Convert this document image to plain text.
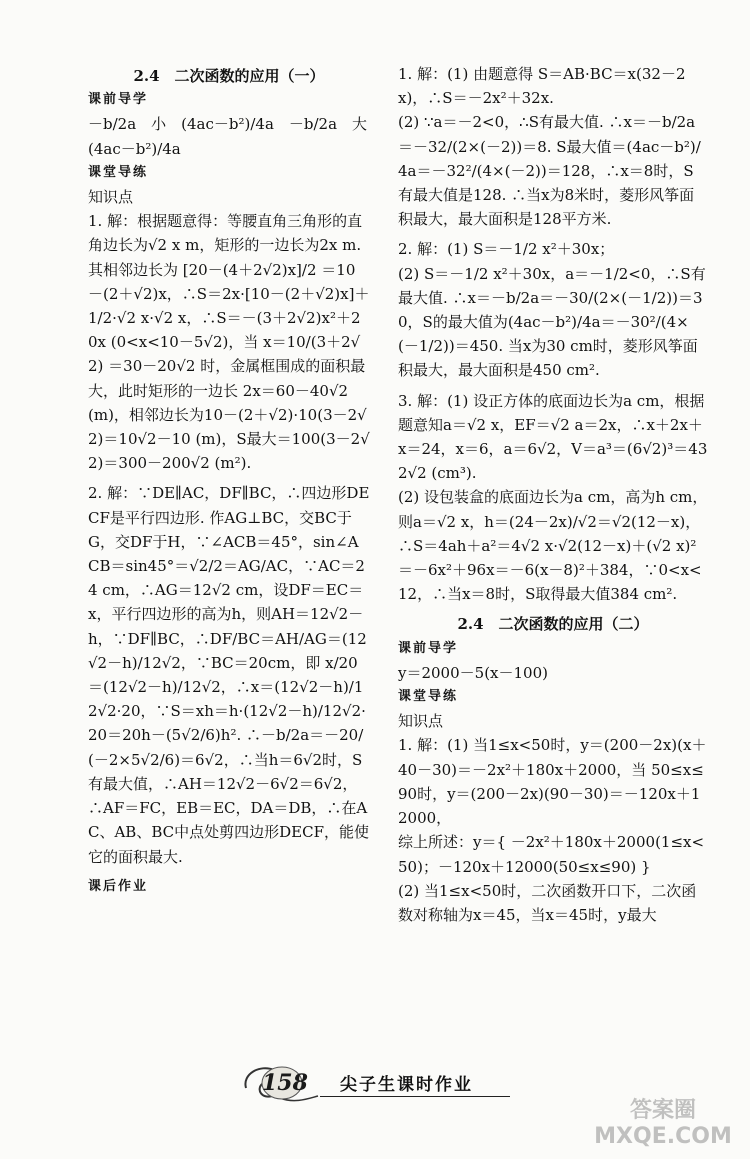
2.4　二次函数的应用（一）

课前导学

－b/2a　小　(4ac－b²)/4a　－b/2a　大　(4ac－b²)/4a

课堂导练

知识点

1. 解：根据题意得：等腰直角三角形的直角边长为√2 x m，矩形的一边长为2x m.

其相邻边长为 [20－(4＋2√2)x]/2 ＝10－(2＋√2)x，∴S＝2x·[10－(2＋√2)x]＋1/2·√2 x·√2 x，∴S＝－(3＋2√2)x²＋20x (0<x<10－5√2)，当 x＝10/(3＋2√2) ＝30－20√2 时，金属框围成的面积最大，此时矩形的一边长 2x＝60－40√2 (m)，相邻边长为10－(2＋√2)·10(3－2√2)＝10√2－10 (m)，S最大＝100(3－2√2)＝300－200√2 (m²).

2. 解：∵DE∥AC，DF∥BC，∴四边形DECF是平行四边形. 作AG⊥BC，交BC于G，交DF于H，∵∠ACB＝45°，sin∠ACB＝sin45°＝√2/2＝AG/AC，∵AC＝24 cm，∴AG＝12√2 cm，设DF＝EC＝x，平行四边形的高为h，则AH＝12√2－h，∵DF∥BC，∴DF/BC＝AH/AG＝(12√2－h)/12√2，∵BC＝20cm，即 x/20＝(12√2－h)/12√2，∴x＝(12√2－h)/12√2·20，∵S＝xh＝h·(12√2－h)/12√2·20＝20h－(5√2/6)h². ∴－b/2a＝－20/(－2×5√2/6)＝6√2，∴当h＝6√2时，S有最大值，∴AH＝12√2－6√2＝6√2，∴AF＝FC，EB＝EC，DA＝DB，∴在AC、AB、BC中点处剪四边形DECF，能使它的面积最大.

课后作业

1. 解：(1) 由题意得 S＝AB·BC＝x(32－2x)，∴S＝－2x²＋32x.

(2) ∵a＝－2<0，∴S有最大值. ∴x＝－b/2a＝－32/(2×(－2))＝8. S最大值＝(4ac－b²)/4a＝－32²/(4×(－2))＝128，∴x＝8时，S有最大值是128. ∴当x为8米时，菱形风筝面积最大，最大面积是128平方米.

2. 解：(1) S＝－1/2 x²＋30x；

(2) S＝－1/2 x²＋30x，a＝－1/2<0，∴S有最大值. ∴x＝－b/2a＝－30/(2×(－1/2))＝30，S的最大值为(4ac－b²)/4a＝－30²/(4×(－1/2))＝450. 当x为30 cm时，菱形风筝面积最大，最大面积是450 cm².

3. 解：(1) 设正方体的底面边长为a cm，根据题意知a＝√2 x，EF＝√2 a＝2x，∴x＋2x＋x＝24，x＝6，a＝6√2，V＝a³＝(6√2)³＝432√2 (cm³).

(2) 设包装盒的底面边长为a cm，高为h cm，则a＝√2 x，h＝(24－2x)/√2＝√2(12－x)，∴S＝4ah＋a²＝4√2 x·√2(12－x)＋(√2 x)²＝－6x²＋96x＝－6(x－8)²＋384，∵0<x<12，∴当x＝8时，S取得最大值384 cm².

2.4　二次函数的应用（二）

课前导学

y＝2000－5(x－100)

课堂导练

知识点

1. 解：(1) 当1≤x<50时，y＝(200－2x)(x＋40－30)＝－2x²＋180x＋2000，当 50≤x≤90时，y＝(200－2x)(90－30)＝－120x＋12000，

综上所述：y＝{ －2x²＋180x＋2000(1≤x<50)；－120x＋12000(50≤x≤90) }

(2) 当1≤x<50时，二次函数开口下，二次函数对称轴为x＝45，当x＝45时，y最大

158 尖子生课时作业
答案圈
MXQE.COM
